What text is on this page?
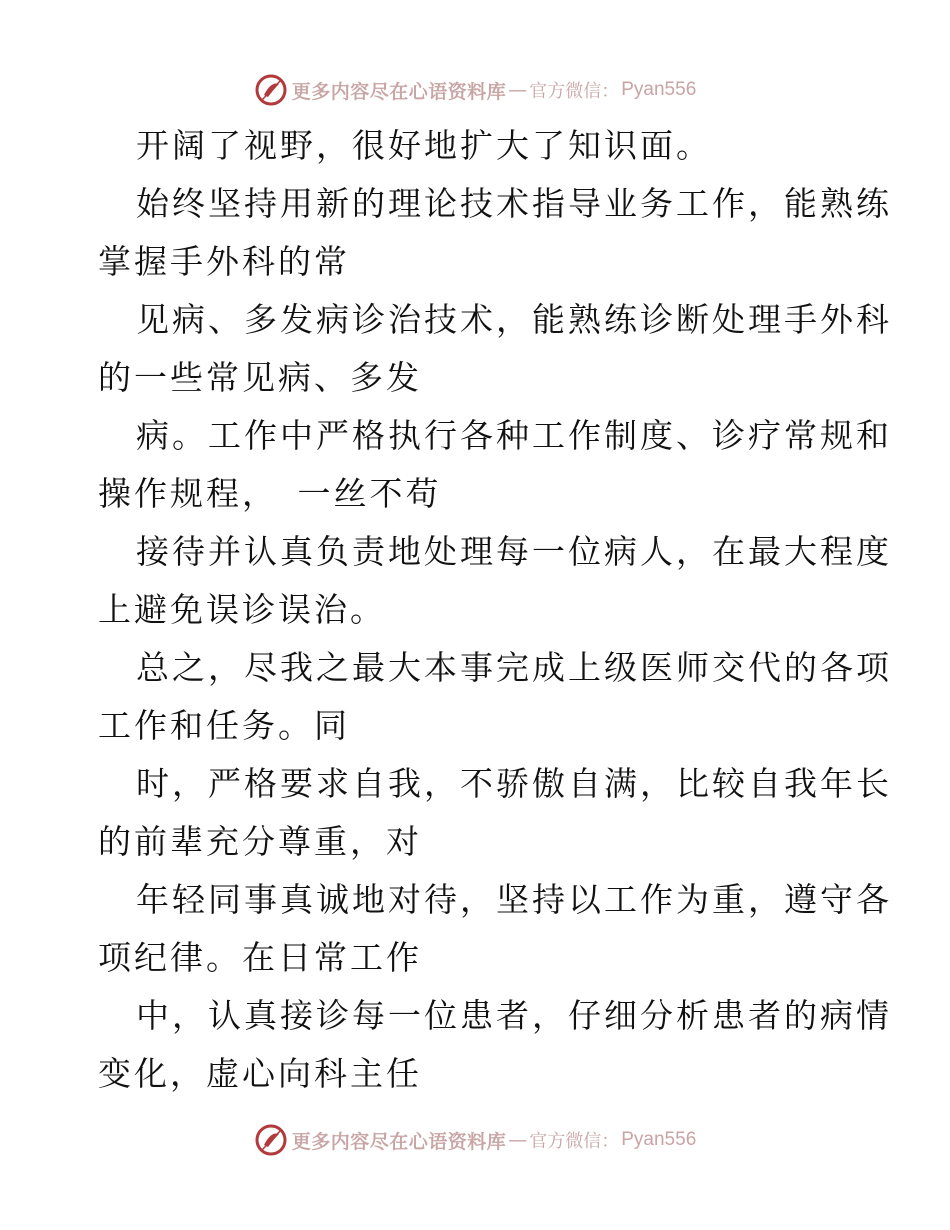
更多内容尽在心语资料库 — 官方微信： Pyan556
开阔了视野，很好地扩大了知识面。
始终坚持用新的理论技术指导业务工作，能熟练
掌握手外科的常
见病、多发病诊治技术，能熟练诊断处理手外科
的一些常见病、多发
病。工作中严格执行各种工作制度、诊疗常规和
操作规程，　一丝不苟
接待并认真负责地处理每一位病人，在最大程度
上避免误诊误治。
总之，尽我之最大本事完成上级医师交代的各项
工作和任务。同
时，严格要求自我，不骄傲自满，比较自我年长
的前辈充分尊重，对
年轻同事真诚地对待，坚持以工作为重，遵守各
项纪律。在日常工作
中，认真接诊每一位患者，仔细分析患者的病情
变化，虚心向科主任
更多内容尽在心语资料库 — 官方微信： Pyan556
